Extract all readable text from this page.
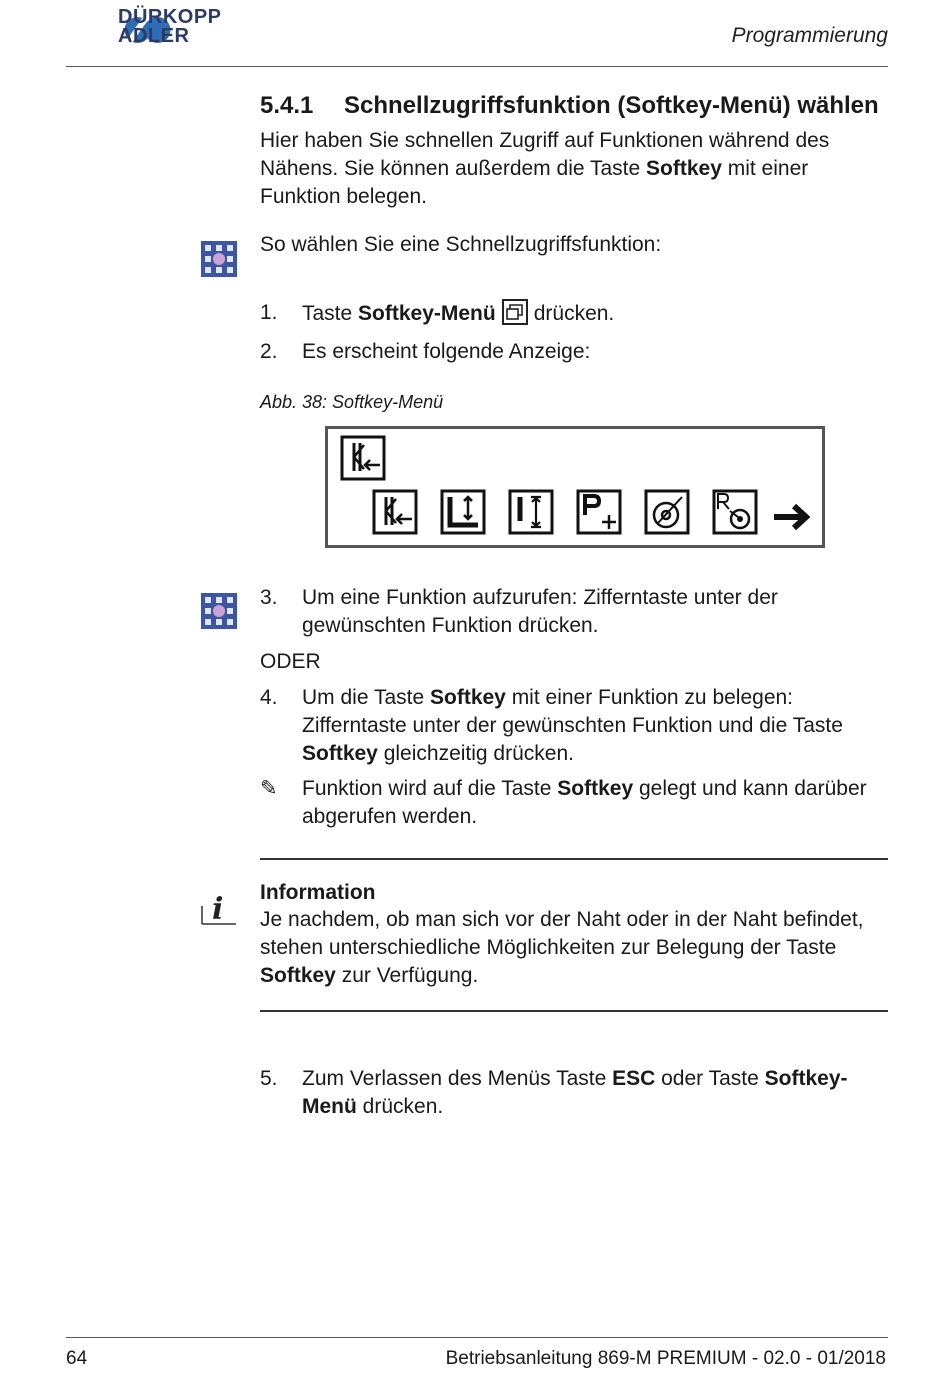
DÜRKOPP
ADLER	Programmierung
5.4.1 Schnellzugriffsfunktion (Softkey-Menü) wählen
Hier haben Sie schnellen Zugriff auf Funktionen während des Nähens. Sie können außerdem die Taste Softkey mit einer Funktion belegen.
So wählen Sie eine Schnellzugriffsfunktion:
1. Taste Softkey-Menü drücken.
2. Es erscheint folgende Anzeige:
Abb. 38: Softkey-Menü
3. Um eine Funktion aufzurufen: Zifferntaste unter der gewünschten Funktion drücken.
ODER
4. Um die Taste Softkey mit einer Funktion zu belegen: Zifferntaste unter der gewünschten Funktion und die Taste Softkey gleichzeitig drücken.
✎ Funktion wird auf die Taste Softkey gelegt und kann darüber abgerufen werden.
i Information
Je nachdem, ob man sich vor der Naht oder in der Naht befindet, stehen unterschiedliche Möglichkeiten zur Belegung der Taste Softkey zur Verfügung.
5. Zum Verlassen des Menüs Taste ESC oder Taste Softkey-Menü drücken.
64	Betriebsanleitung 869-M PREMIUM - 02.0 - 01/2018
